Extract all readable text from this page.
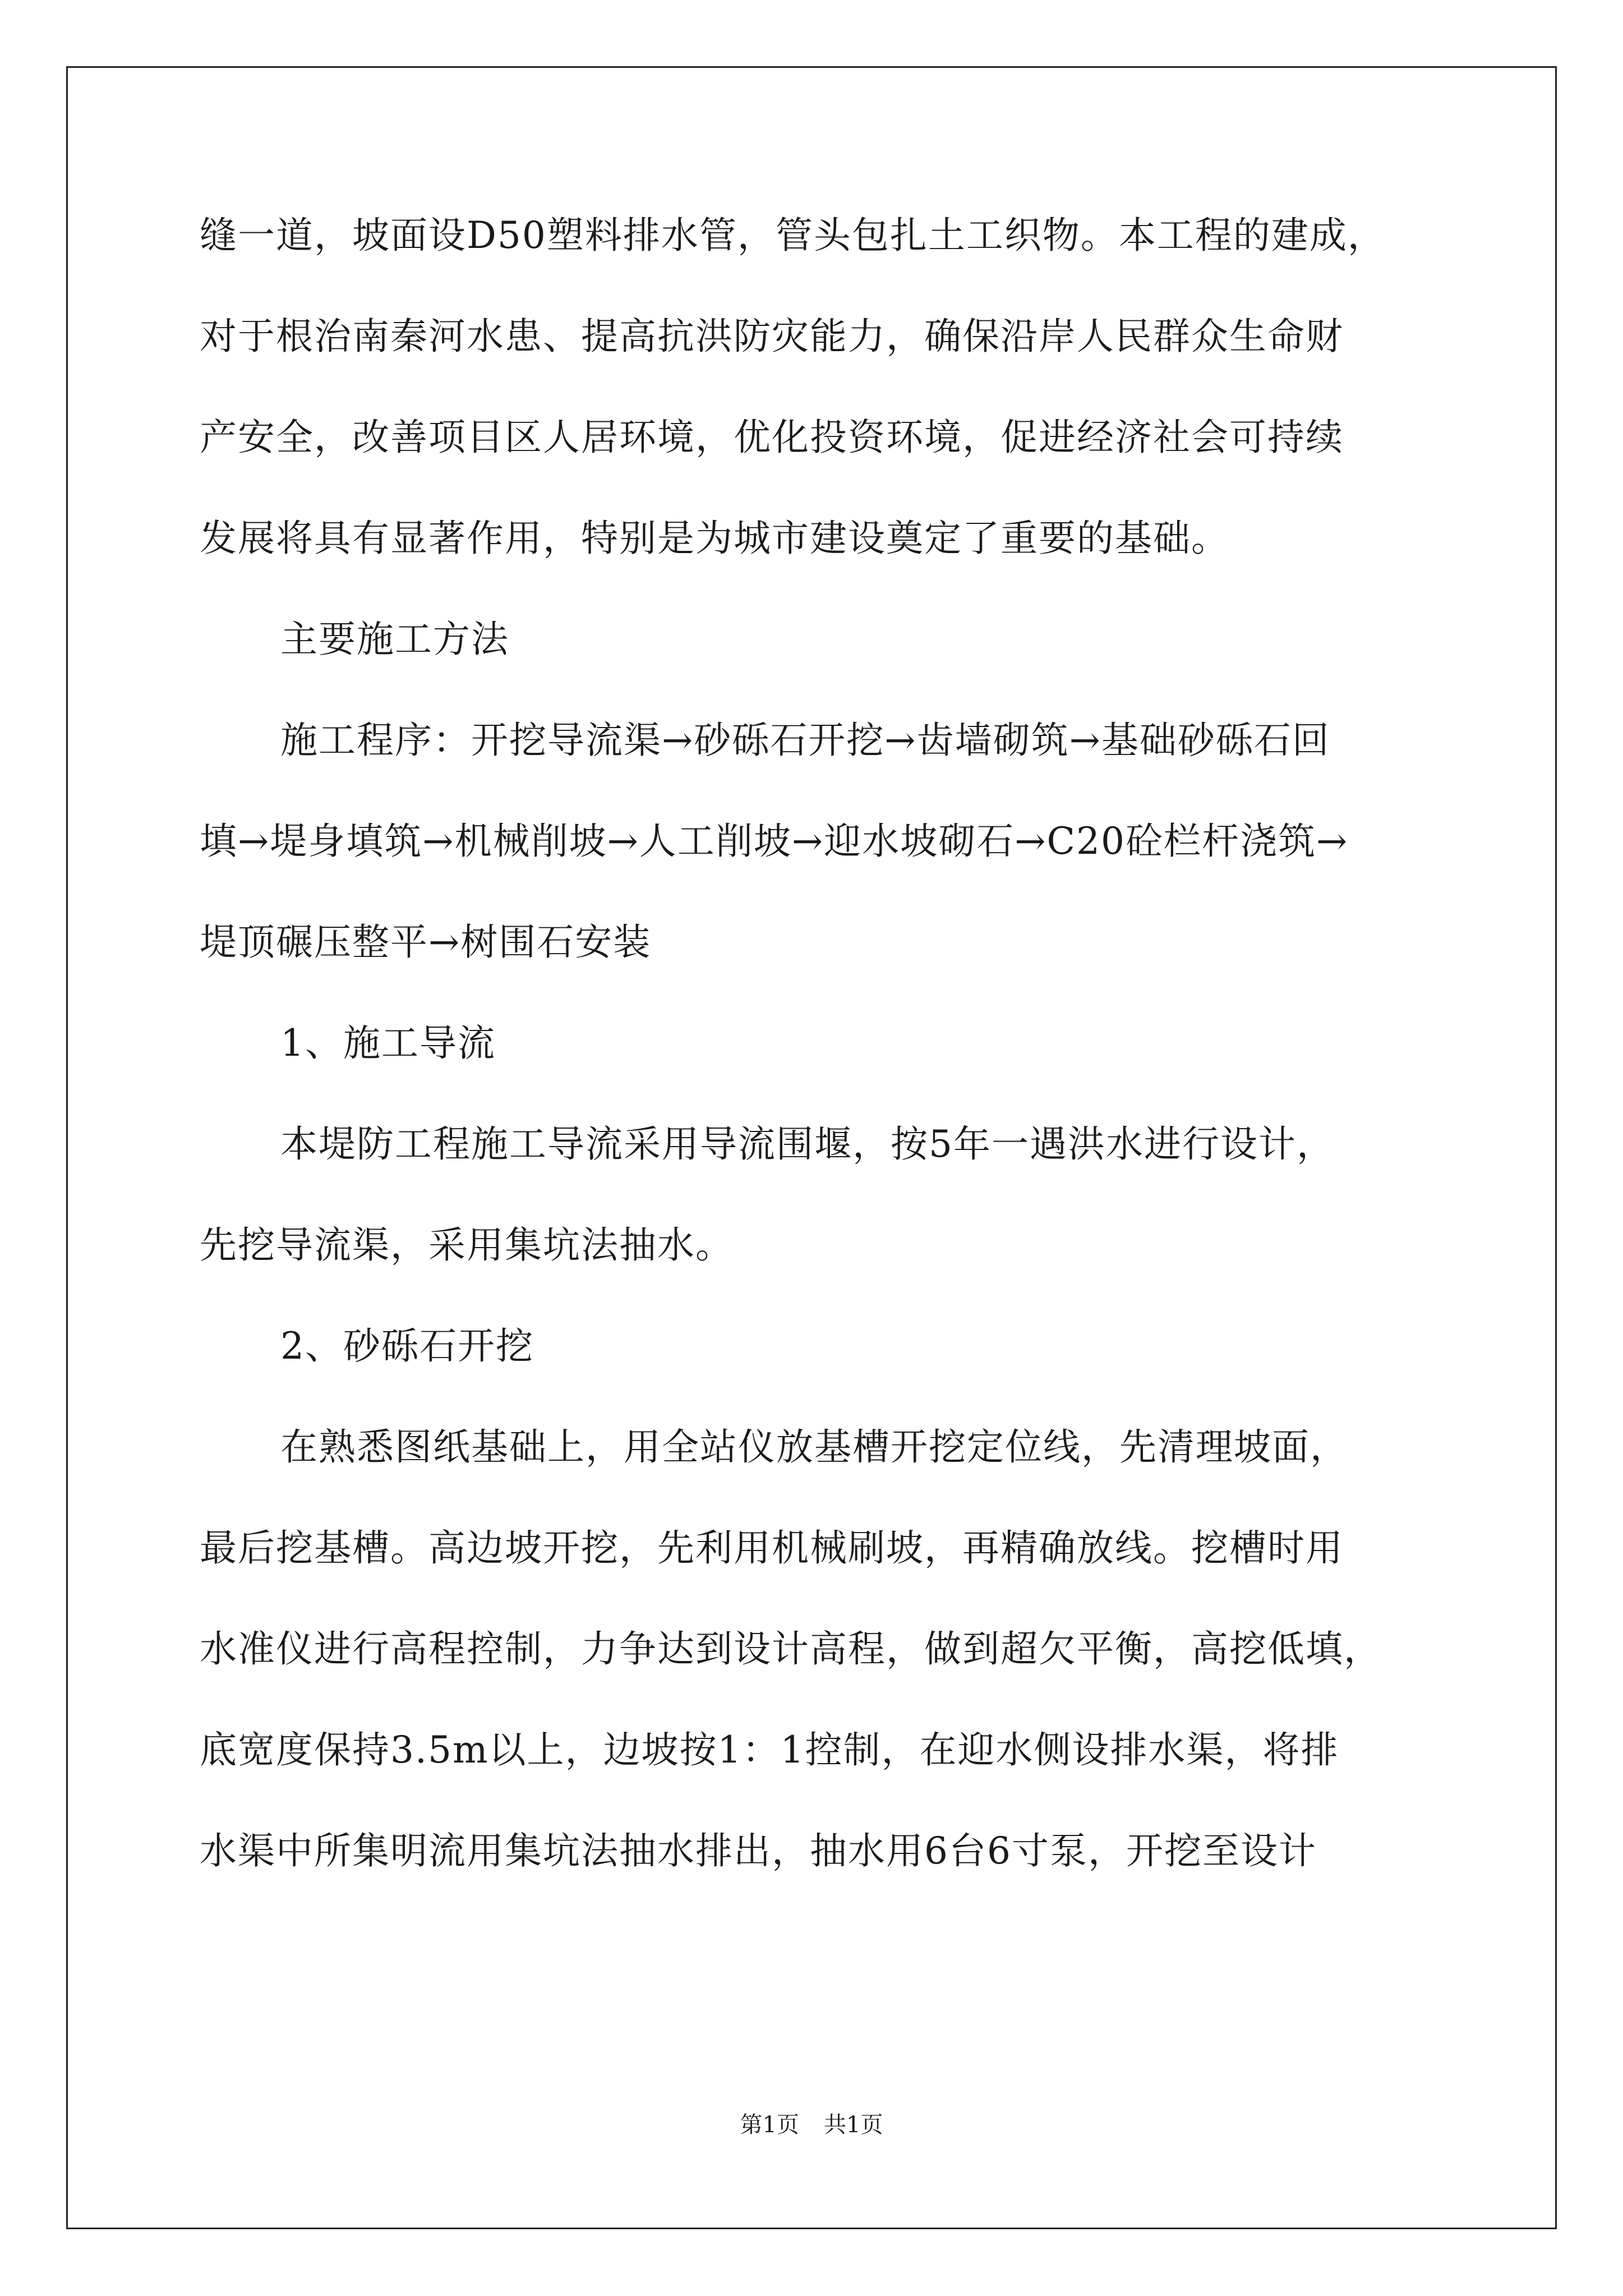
缝一道，坡面设D50塑料排水管，管头包扎土工织物。本工程的建成，

对于根治南秦河水患、提高抗洪防灾能力，确保沿岸人民群众生命财

产安全，改善项目区人居环境，优化投资环境，促进经济社会可持续

发展将具有显著作用，特别是为城市建设奠定了重要的基础。

主要施工方法

施工程序：开挖导流渠→砂砾石开挖→齿墙砌筑→基础砂砾石回

填→堤身填筑→机械削坡→人工削坡→迎水坡砌石→C20砼栏杆浇筑→

堤顶碾压整平→树围石安装

1、施工导流

本堤防工程施工导流采用导流围堰，按5年一遇洪水进行设计，

先挖导流渠，采用集坑法抽水。

2、砂砾石开挖

在熟悉图纸基础上，用全站仪放基槽开挖定位线，先清理坡面，

最后挖基槽。高边坡开挖，先利用机械刷坡，再精确放线。挖槽时用

水准仪进行高程控制，力争达到设计高程，做到超欠平衡，高挖低填，

底宽度保持3.5m以上，边坡按1：1控制，在迎水侧设排水渠，将排

水渠中所集明流用集坑法抽水排出，抽水用6台6寸泵，开挖至设计

第1页 共1页
